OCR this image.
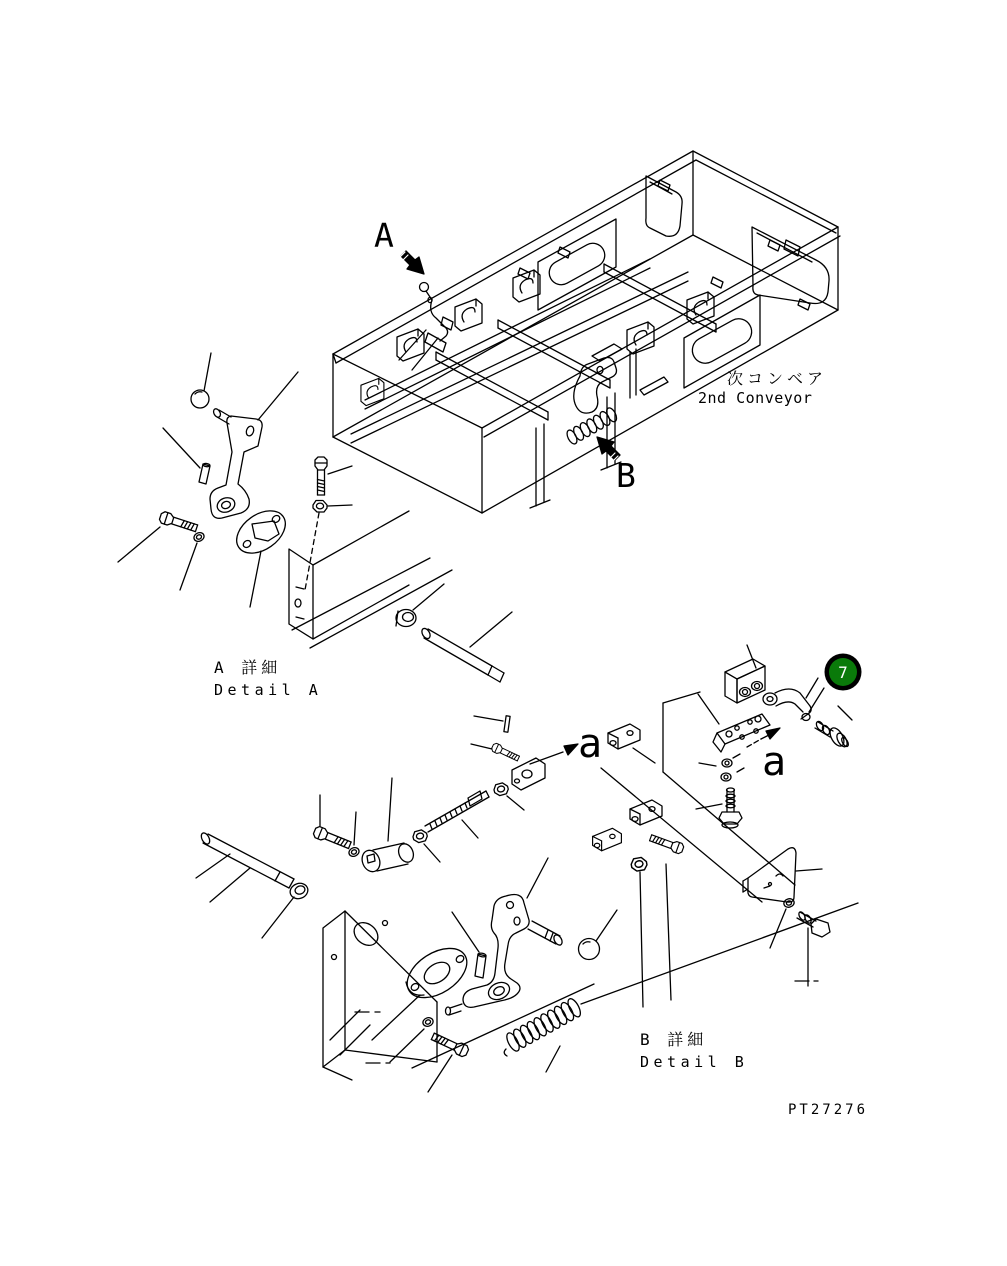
A
B
次コンベア
2nd Conveyor
A 詳細
Detail A
B 詳細
Detail B
a	a
PT27276
7
